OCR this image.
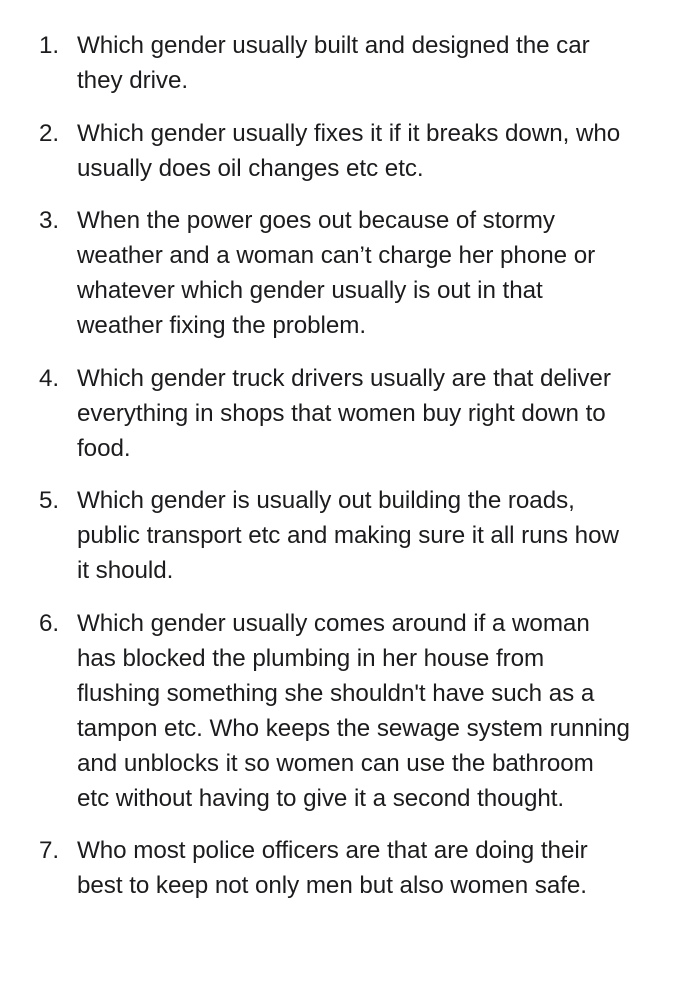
1. Which gender usually built and designed the car they drive.
2. Which gender usually fixes it if it breaks down, who usually does oil changes etc etc.
3. When the power goes out because of stormy weather and a woman can’t charge her phone or whatever which gender usually is out in that weather fixing the problem.
4. Which gender truck drivers usually are that deliver everything in shops that women buy right down to food.
5. Which gender is usually out building the roads, public transport etc and making sure it all runs how it should.
6. Which gender usually comes around if a woman has blocked the plumbing in her house from flushing something she shouldn't have such as a tampon etc. Who keeps the sewage system running and unblocks it so women can use the bathroom etc without having to give it a second thought.
7. Who most police officers are that are doing their best to keep not only men but also women safe.
